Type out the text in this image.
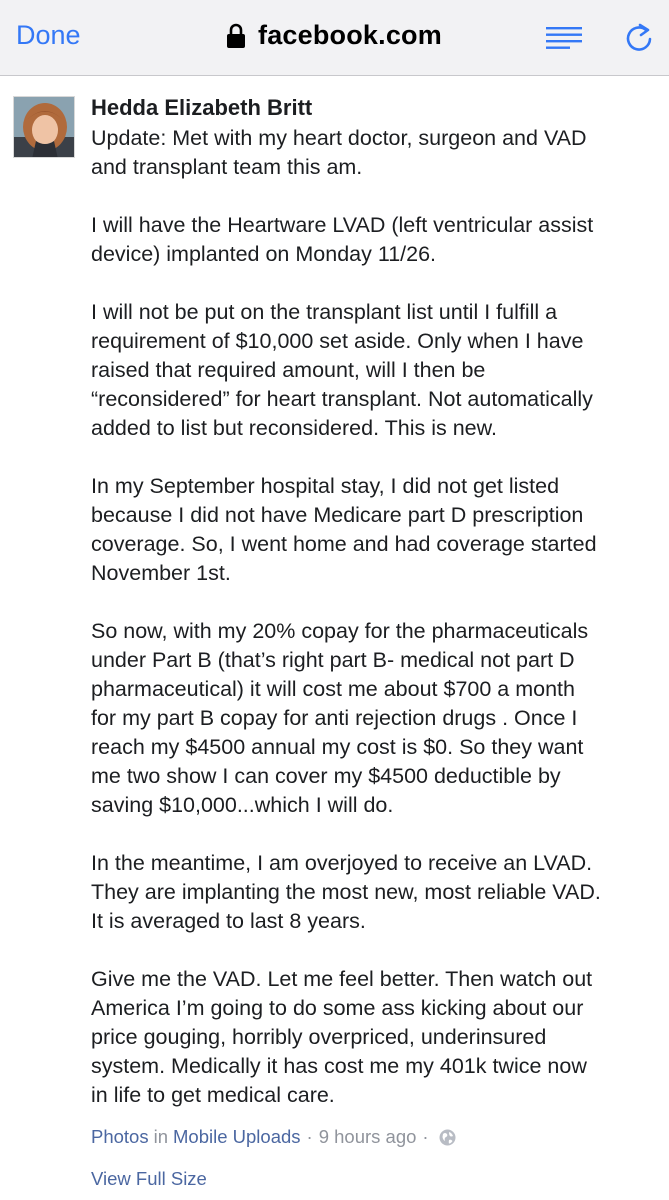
Done	facebook.com
Hedda Elizabeth Britt

Update: Met with my heart doctor, surgeon and VAD
and transplant team this am.

I will have the Heartware LVAD (left ventricular assist
device) implanted on Monday 11/26.

I will not be put on the transplant list until I fulfill a
requirement of $10,000 set aside. Only when I have
raised that required amount, will I then be
“reconsidered” for heart transplant. Not automatically
added to list but reconsidered. This is new.

In my September hospital stay, I did not get listed
because I did not have Medicare part D prescription
coverage. So, I went home and had coverage started
November 1st.

So now, with my 20% copay for the pharmaceuticals
under Part B (that’s right part B- medical not part D
pharmaceutical) it will cost me about $700 a month
for my part B copay for anti rejection drugs . Once I
reach my $4500 annual my cost is $0. So they want
me two show I can cover my $4500 deductible by
saving $10,000...which I will do.

In the meantime, I am overjoyed to receive an LVAD.
They are implanting the most new, most reliable VAD.
It is averaged to last 8 years.

Give me the VAD. Let me feel better. Then watch out
America I’m going to do some ass kicking about our
price gouging, horribly overpriced, underinsured
system. Medically it has cost me my 401k twice now
in life to get medical care.

Photos in Mobile Uploads · 9 hours ago ·
View Full Size
